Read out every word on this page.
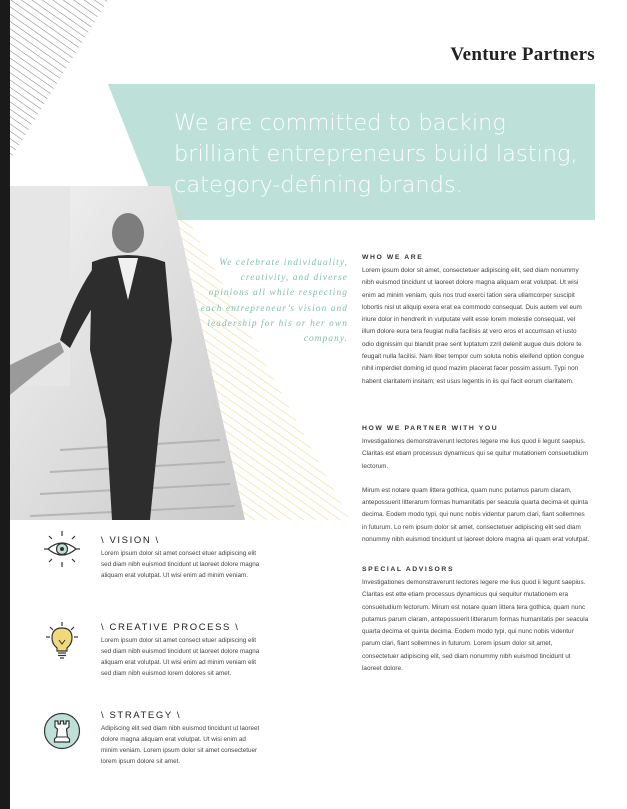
Venture Partners
We are committed to backing brilliant entrepreneurs build lasting, category-defining brands.
We celebrate individuality, creativity, and diverse opinions all while respecting each entrepreneur’s vision and leadership for his or her own company.
WHO WE ARE
Lorem ipsum dolor sit amet, consectetuer adipiscing elit, sed diam nonummy nibh euismod tincidunt ut laoreet dolore magna aliquam erat volutpat. Ut wisi enim ad minim veniam, quis nos trud exerci tation sera ullamcorper suscipit lobortis nisl ut aliquip exera erat ea commodo consequat. Duis autem vel eum iriure dolor in hendrerit in vulputate velit esse lorem molestie consequat, vel illum dolore eura tera feugiat nulla facilisis at vero eros et accumsan et iusto odio dignissim qui blandit prae sent luptatum zzril delenit augue duis dolore te feugait nulla facilisi. Nam liber tempor cum soluta nobis eleifend option congue nihil imperdiet doming id quod mazim placerat facer possim assum. Typi non habent claritatem insitam; est usus legentis in iis qui facit eorum claritatem.
HOW WE PARTNER WITH YOU
Investigationes demonstraverunt lectores legere me lius quod ii legunt saepius. Claritas est etiam processus dynamicus qui se quitur mutationem consuetudium lectorum.
Mirum est notare quam littera gothica, quam nunc putamus parum claram, antepossuerit litterarum formas humanitatis per seacula quarta decima et quinta decima. Eodem modo typi, qui nunc nobis videntur parum clari, fiant sollemnes in futurum. Lo rem ipsum dolor sit amet, consectetuer adipiscing elit sed diam nonummy nibh euismod tincidunt ut laoreet dolore magna ali quam erat volutpat.
SPECIAL ADVISORS
Investigationes demonstraverunt lectores legere me lius quod ii legunt saepius. Claritas est ette etiam processus dynamicus qui sequitur mutationem era consuetudium lectorum. Mirum est notare quam littera tera gothica, quam nunc putamus parum claram, antepossuerit litterarum formas humanitatis per seacula quarta decima et quinta decima. Eodem modo typi, qui nunc nobis videntur parum clari, fiant sollemnes in futurum. Lorem ipsum dolor sit amet, consectetuer adipiscing elit, sed diam nonummy nibh euismod tincidunt ut laoreet dolore.
\ VISION \
Lorem ipsum dolor sit amet consect etuer adipiscing elit sed diam nibh euismod tincidunt ut laoreet dolore magna aliquam erat volutpat. Ut wisi enim ad minim veniam.
\ CREATIVE PROCESS \
Lorem ipsum dolor sit amet consect etuer adipiscing elit sed diam nibh euismod tincidunt ut laoreet dolore magna aliquam erat volutpat. Ut wisi enim ad minim veniam elit sed diam nibh euismod lorem dolores sit amet.
\ STRATEGY \
Adipiscing elit sed diam nibh euismod tincidunt ut laoreet dolore magna aliquam erat volutpat. Ut wisi enim ad minim veniam. Lorem ipsum dolor sit amet consectetuer lorem ipsum dolore sit amet.
